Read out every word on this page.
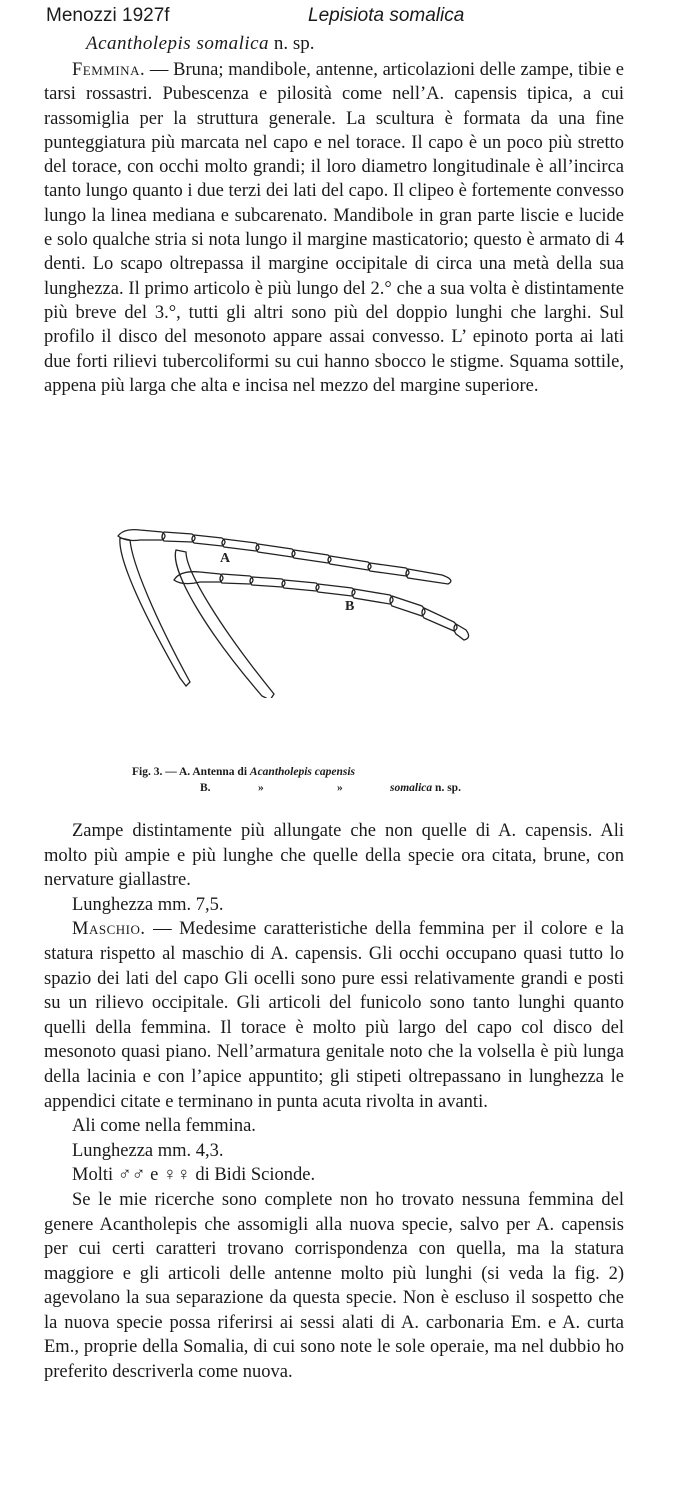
Menozzi 1927f	Lepisiota somalica
Acantholepis somalica n. sp.

Femmina. — Bruna; mandibole, antenne, articolazioni delle zampe, tibie e tarsi rossastri. Pubescenza e pilosità come nell’A. capensis tipica, a cui rassomiglia per la struttura generale. La scultura è formata da una fine punteggiatura più marcata nel capo e nel torace. Il capo è un poco più stretto del torace, con occhi molto grandi; il loro diametro longitudinale è all’incirca tanto lungo quanto i due terzi dei lati del capo. Il clipeo è fortemente convesso lungo la linea mediana e subcarenato. Mandibole in gran parte liscie e lucide e solo qualche stria si nota lungo il margine masticatorio; questo è armato di 4 denti. Lo scapo oltrepassa il margine occipitale di circa una metà della sua lunghezza. Il primo articolo è più lungo del 2.° che a sua volta è distintamente più breve del 3.°, tutti gli altri sono più del doppio lunghi che larghi. Sul profilo il disco del mesonoto appare assai convesso. L’ epinoto porta ai lati due forti rilievi tubercoliformi su cui hanno sbocco le stigme. Squama sottile, appena più larga che alta e incisa nel mezzo del margine superiore.

A
B
Fig. 3. — A. Antenna di Acantholepis capensis
B.	»	»	somalica n. sp.

Zampe distintamente più allungate che non quelle di A. capensis. Ali molto più ampie e più lunghe che quelle della specie ora citata, brune, con nervature giallastre.

Lunghezza mm. 7,5.

Maschio. — Medesime caratteristiche della femmina per il colore e la statura rispetto al maschio di A. capensis. Gli occhi occupano quasi tutto lo spazio dei lati del capo Gli ocelli sono pure essi relativamente grandi e posti su un rilievo occipitale. Gli articoli del funicolo sono tanto lunghi quanto quelli della femmina. Il torace è molto più largo del capo col disco del mesonoto quasi piano. Nell’armatura genitale noto che la volsella è più lunga della lacinia e con l’apice appuntito; gli stipeti oltrepassano in lunghezza le appendici citate e terminano in punta acuta rivolta in avanti.

Ali come nella femmina.

Lunghezza mm. 4,3.

Molti ♂♂ e ♀♀ di Bidi Scionde.

Se le mie ricerche sono complete non ho trovato nessuna femmina del genere Acantholepis che assomigli alla nuova specie, salvo per A. capensis per cui certi caratteri trovano corrispondenza con quella, ma la statura maggiore e gli articoli delle antenne molto più lunghi (si veda la fig. 2) agevolano la sua separazione da questa specie. Non è escluso il sospetto che la nuova specie possa riferirsi ai sessi alati di A. carbonaria Em. e A. curta Em., proprie della Somalia, di cui sono note le sole operaie, ma nel dubbio ho preferito descriverla come nuova.
